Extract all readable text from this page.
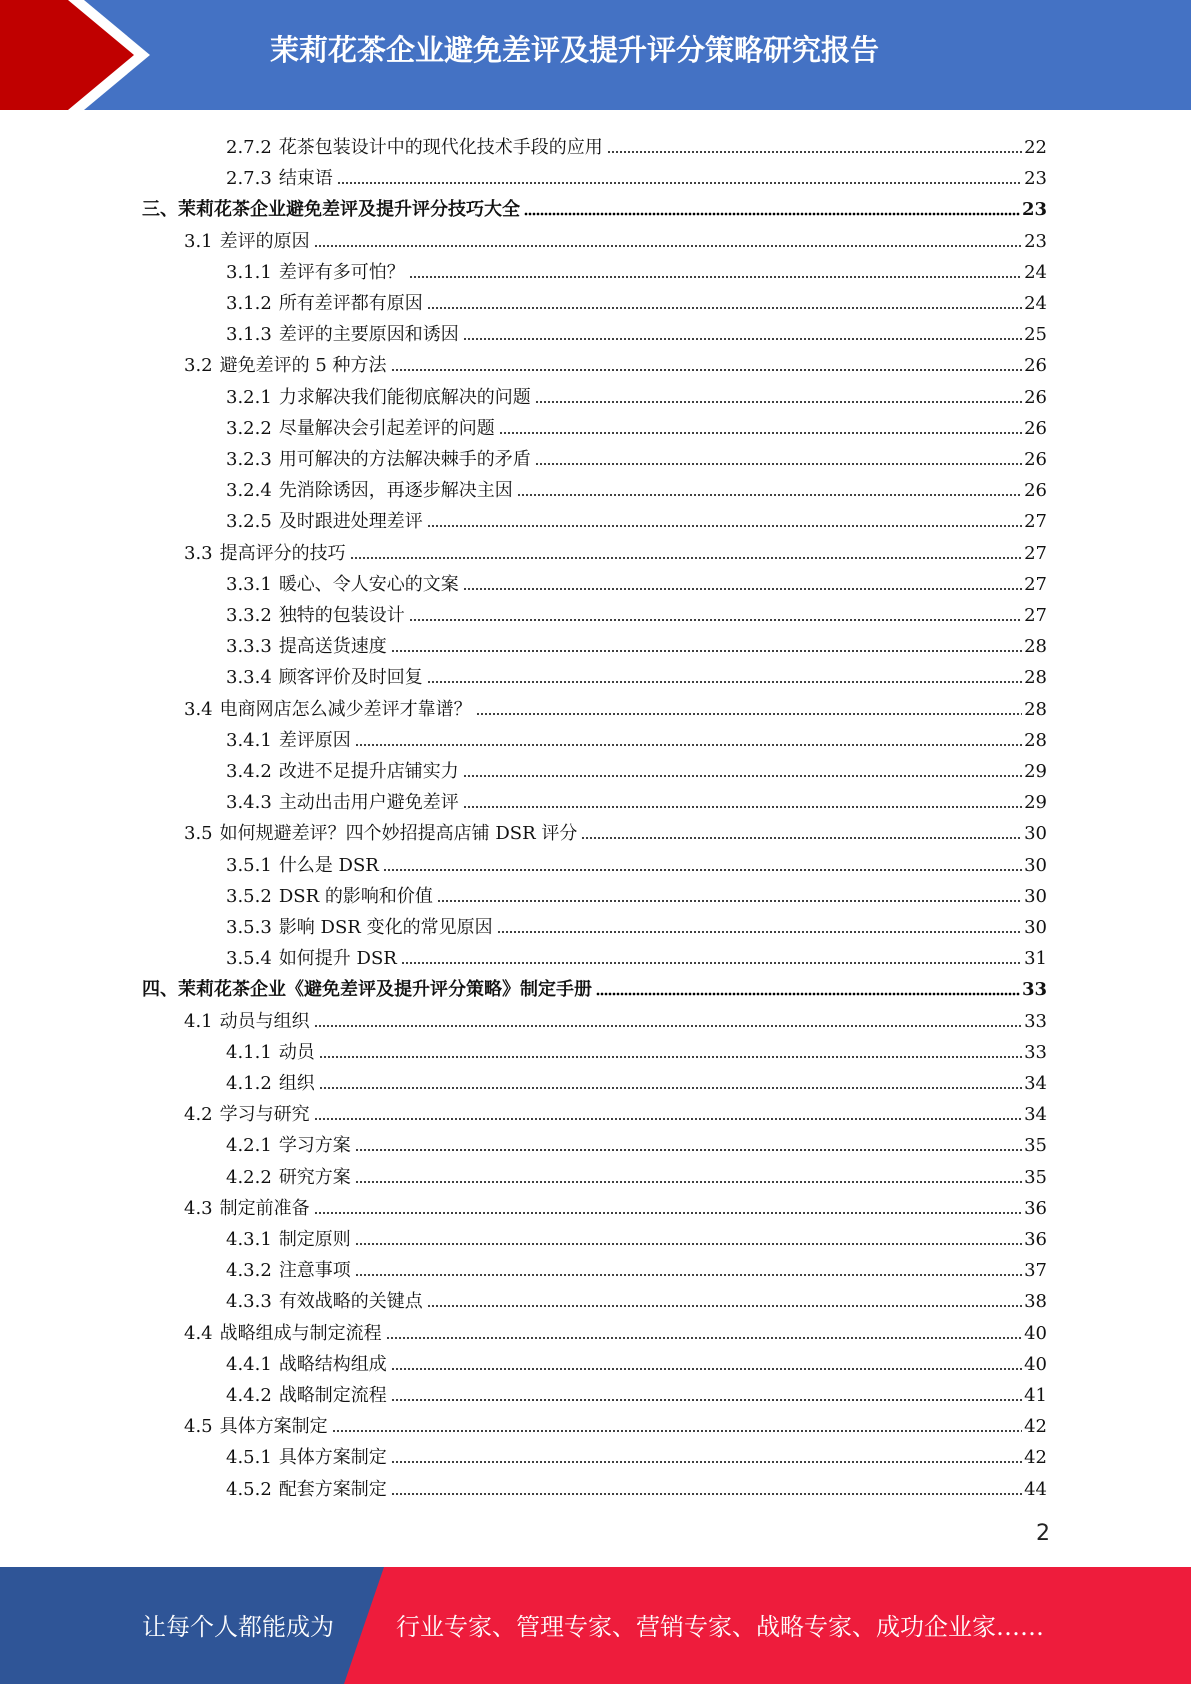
茉莉花茶企业避免差评及提升评分策略研究报告
2.7.2 花茶包装设计中的现代化技术手段的应用	22
2.7.3 结束语	23
三、茉莉花茶企业避免差评及提升评分技巧大全	23
3.1 差评的原因	23
3.1.1 差评有多可怕？	24
3.1.2 所有差评都有原因	24
3.1.3 差评的主要原因和诱因	25
3.2 避免差评的 5 种方法	26
3.2.1 力求解决我们能彻底解决的问题	26
3.2.2 尽量解决会引起差评的问题	26
3.2.3 用可解决的方法解决棘手的矛盾	26
3.2.4 先消除诱因，再逐步解决主因	26
3.2.5 及时跟进处理差评	27
3.3 提高评分的技巧	27
3.3.1 暖心、令人安心的文案	27
3.3.2 独特的包装设计	27
3.3.3 提高送货速度	28
3.3.4 顾客评价及时回复	28
3.4 电商网店怎么减少差评才靠谱？	28
3.4.1 差评原因	28
3.4.2 改进不足提升店铺实力	29
3.4.3 主动出击用户避免差评	29
3.5 如何规避差评？四个妙招提高店铺 DSR 评分	30
3.5.1 什么是 DSR	30
3.5.2 DSR 的影响和价值	30
3.5.3 影响 DSR 变化的常见原因	30
3.5.4 如何提升 DSR	31
四、茉莉花茶企业《避免差评及提升评分策略》制定手册	33
4.1 动员与组织	33
4.1.1 动员	33
4.1.2 组织	34
4.2 学习与研究	34
4.2.1 学习方案	35
4.2.2 研究方案	35
4.3 制定前准备	36
4.3.1 制定原则	36
4.3.2 注意事项	37
4.3.3 有效战略的关键点	38
4.4 战略组成与制定流程	40
4.4.1 战略结构组成	40
4.4.2 战略制定流程	41
4.5 具体方案制定	42
4.5.1 具体方案制定	42
4.5.2 配套方案制定	44
2
让每个人都能成为	行业专家、管理专家、营销专家、战略专家、成功企业家……
